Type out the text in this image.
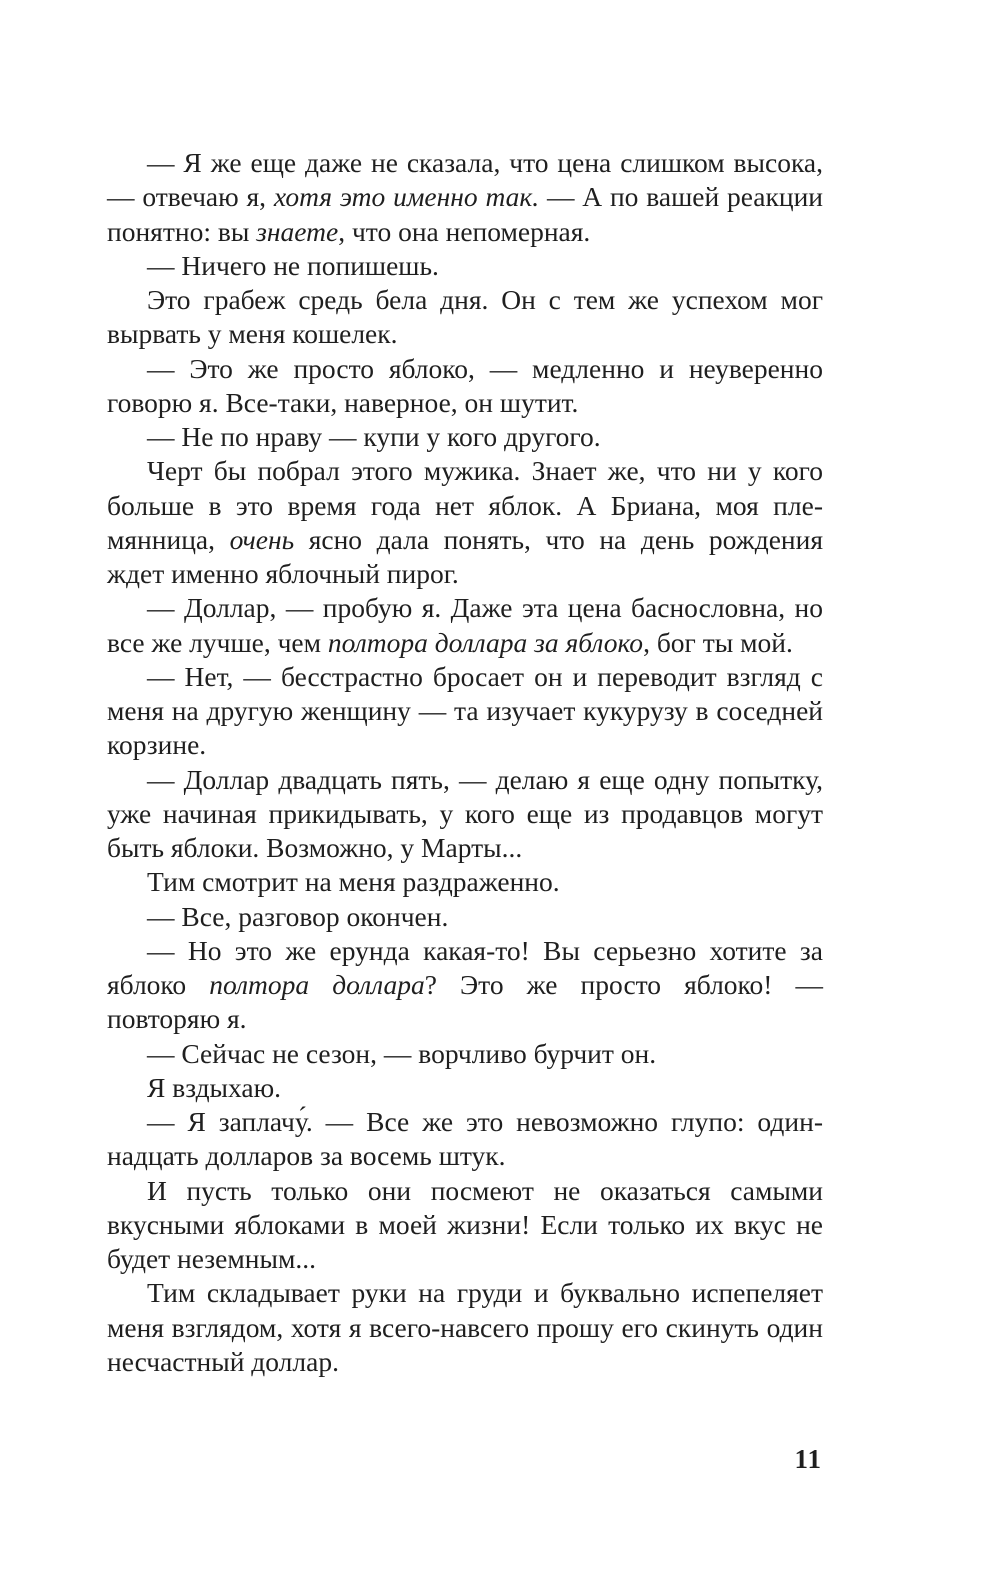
— Я же еще даже не сказала, что цена слишком высока, — отвечаю я, хотя это именно так. — А по вашей реакции понятно: вы знаете, что она непомерная.

— Ничего не попишешь.

Это грабеж средь бела дня. Он с тем же успехом мог вырвать у меня кошелек.

— Это же просто яблоко, — медленно и неуверенно говорю я. Все-таки, наверное, он шутит.

— Не по нраву — купи у кого другого.

Черт бы побрал этого мужика. Знает же, что ни у кого больше в это время года нет яблок. А Бриана, моя племянница, очень ясно дала понять, что на день рождения ждет именно яблочный пирог.

— Доллар, — пробую я. Даже эта цена баснословна, но все же лучше, чем полтора доллара за яблоко, бог ты мой.

— Нет, — бесстрастно бросает он и переводит взгляд с меня на другую женщину — та изучает кукурузу в соседней корзине.

— Доллар двадцать пять, — делаю я еще одну попытку, уже начиная прикидывать, у кого еще из продавцов могут быть яблоки. Возможно, у Марты...

Тим смотрит на меня раздраженно.

— Все, разговор окончен.

— Но это же ерунда какая-то! Вы серьезно хотите за яблоко полтора доллара? Это же просто яблоко! — повторяю я.

— Сейчас не сезон, — ворчливо бурчит он.

Я вздыхаю.

— Я заплачу́. — Все же это невозможно глупо: одиннадцать долларов за восемь штук.

И пусть только они посмеют не оказаться самыми вкусными яблоками в моей жизни! Если только их вкус не будет неземным...

Тим складывает руки на груди и буквально испепеляет меня взглядом, хотя я всего-навсего прошу его скинуть один несчастный доллар.

11
